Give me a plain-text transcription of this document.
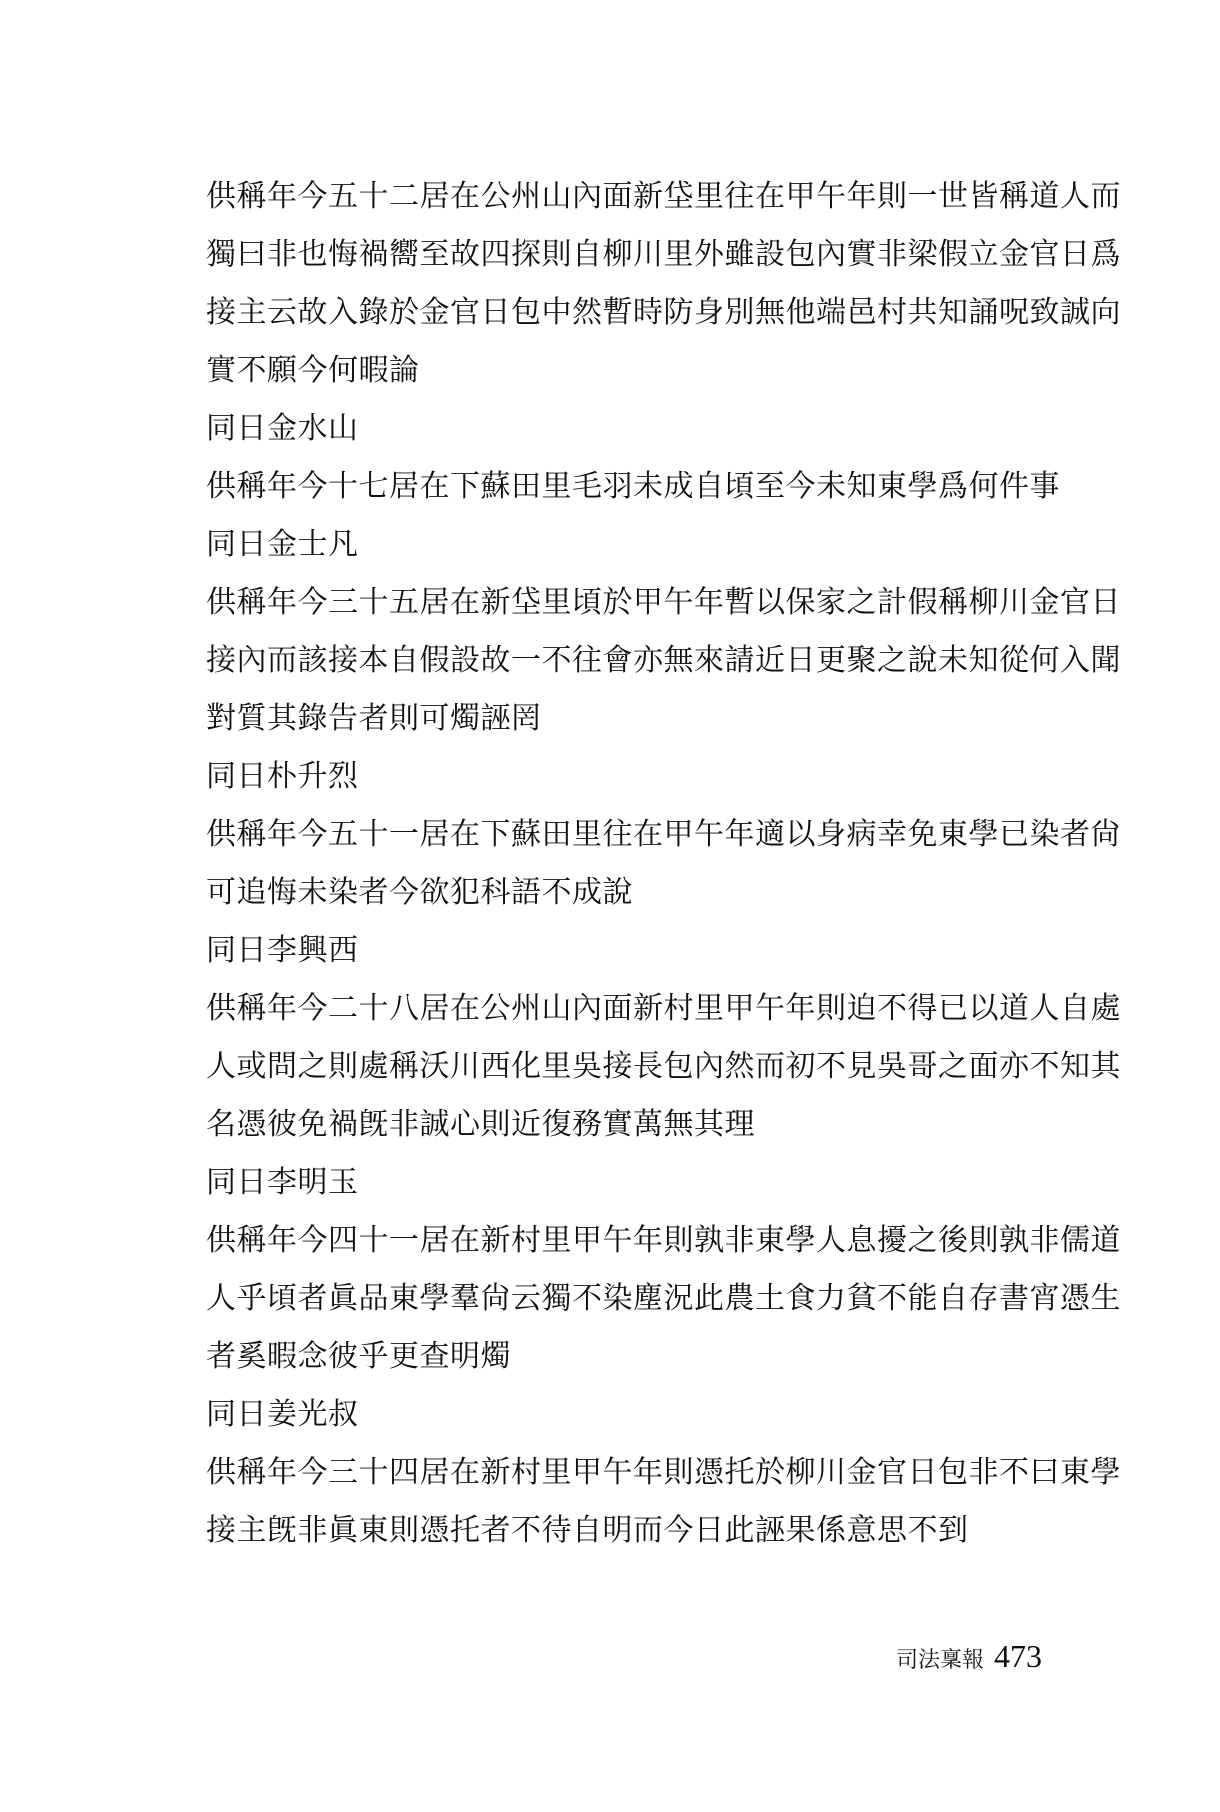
供稱年今五十二居在公州山內面新垈里往在甲午年則一世皆稱道人而
獨曰非也悔禍嚮至故四探則自柳川里外雖設包內實非梁假立金官日爲
接主云故入錄於金官日包中然暫時防身別無他端邑村共知誦呪致誠向
實不願今何暇論
同日金水山
供稱年今十七居在下蘇田里毛羽未成自頃至今未知東學爲何件事
同日金士凡
供稱年今三十五居在新垈里頃於甲午年暫以保家之計假稱柳川金官日
接內而該接本自假設故一不往會亦無來請近日更聚之說未知從何入聞
對質其錄告者則可燭誣罔
同日朴升烈
供稱年今五十一居在下蘇田里往在甲午年適以身病幸免東學已染者尙
可追悔未染者今欲犯科語不成說
同日李興西
供稱年今二十八居在公州山內面新村里甲午年則迫不得已以道人自處
人或問之則處稱沃川西化里吳接長包內然而初不見吳哥之面亦不知其
名憑彼免禍旣非誠心則近復務實萬無其理
同日李明玉
供稱年今四十一居在新村里甲午年則孰非東學人息擾之後則孰非儒道
人乎頃者眞品東學羣尙云獨不染塵況此農土食力貧不能自存書宵憑生
者奚暇念彼乎更查明燭
同日姜光叔
供稱年今三十四居在新村里甲午年則憑托於柳川金官日包非不曰東學
接主旣非眞東則憑托者不待自明而今日此誣果係意思不到
司法稟報 473
